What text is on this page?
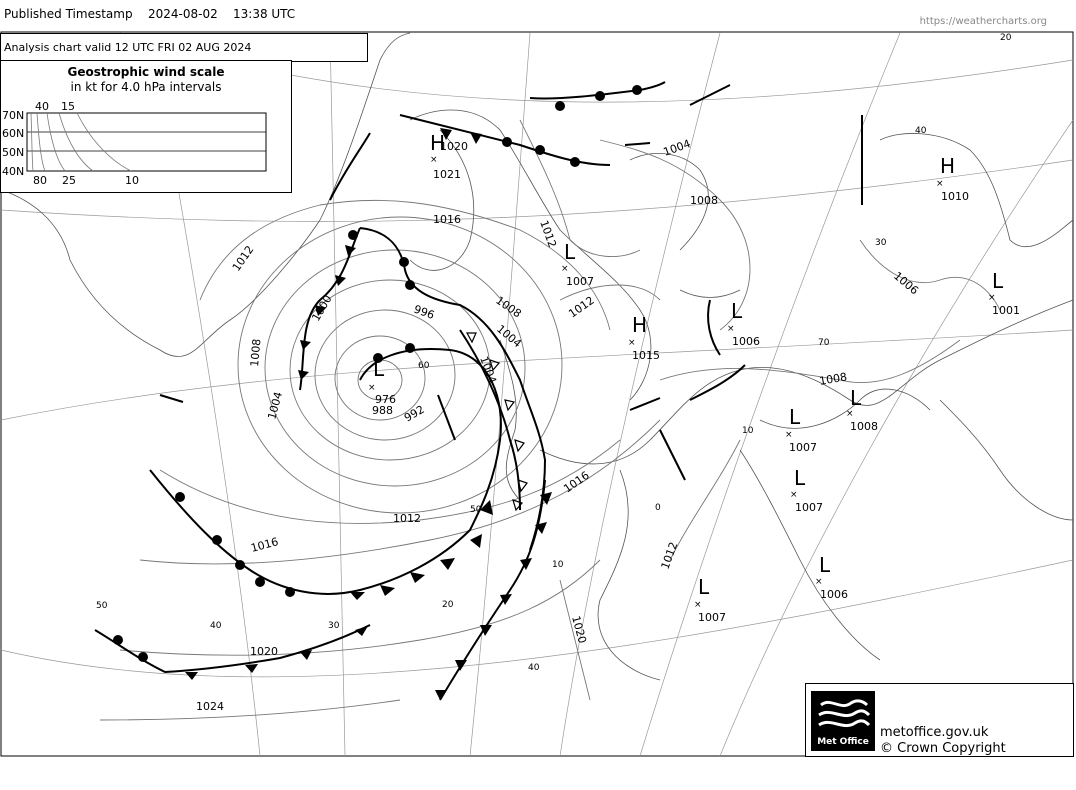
40	30
20
10
70
0
10
20
30
40
50
60
50
40
1016
1012
1004
1008
1012
1000	1008
996
1008
1004
1004
992
1004
1016
1012
1016
1020
1024
1012
1020
1008
1006
1012
H
×
1021
1020
L
×
976
988
L
×
1007
H
×
1015
L
×
1006
H
×
1010
L
×
1001
L
×
1008
L
×
1007
L
×
1007
L
×
1006
L
×
1007
Published Timestamp 2024-08-02 13:38 UTC
https://weathercharts.org
Analysis chart valid 12 UTC FRI 02 AUG 2024
Geostrophic wind scale
in kt for 4.0 hPa intervals
70N
60N
50N
40N
40 15
80 25	10
Met Office
metoffice.gov.uk
© Crown Copyright
